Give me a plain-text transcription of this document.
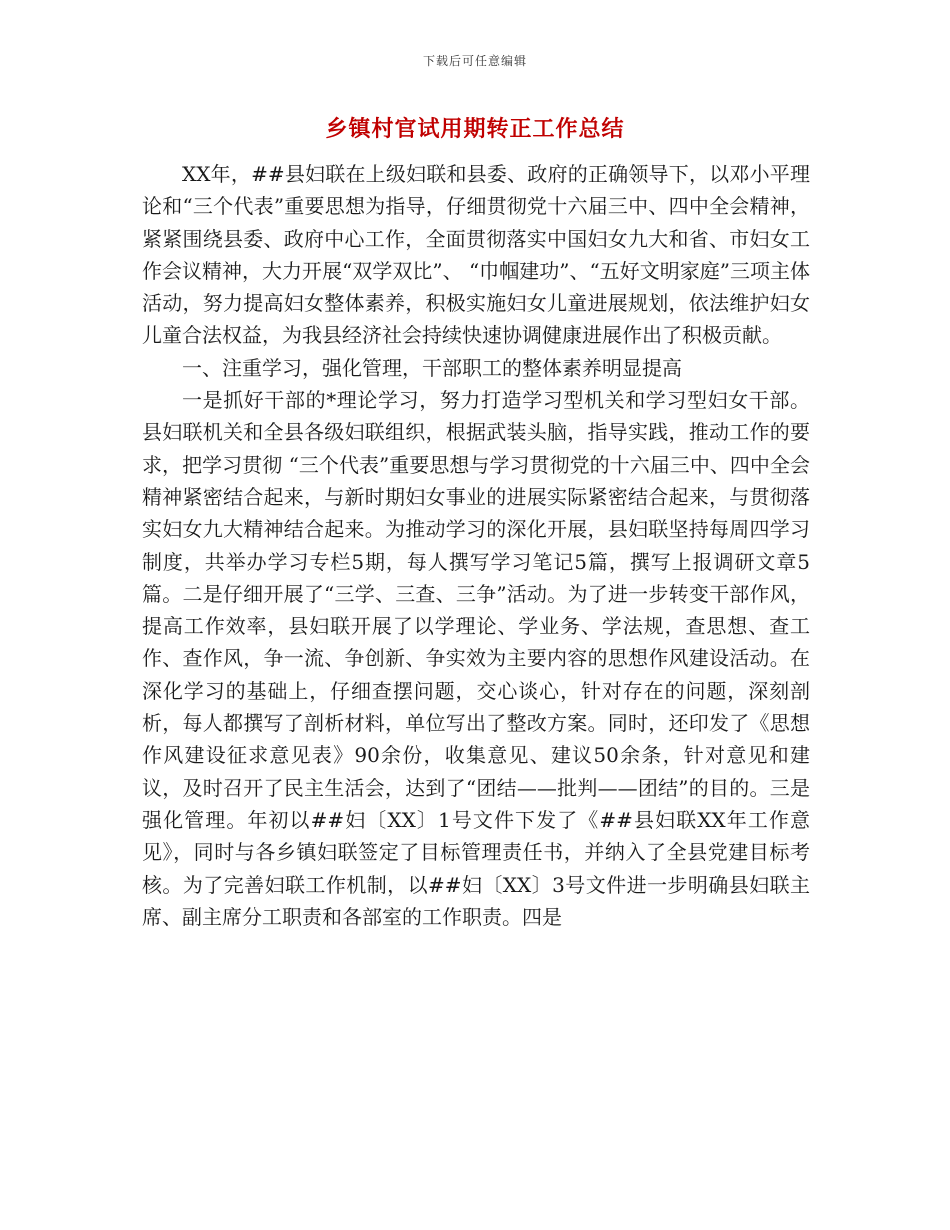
下载后可任意编辑
乡镇村官试用期转正工作总结

XX年，##县妇联在上级妇联和县委、政府的正确领导下，以邓小平理论和“三个代表”重要思想为指导，仔细贯彻党十六届三中、四中全会精神，紧紧围绕县委、政府中心工作，全面贯彻落实中国妇女九大和省、市妇女工作会议精神，大力开展“双学双比”、 “巾帼建功”、“五好文明家庭”三项主体活动，努力提高妇女整体素养，积极实施妇女儿童进展规划，依法维护妇女儿童合法权益，为我县经济社会持续快速协调健康进展作出了积极贡献。

一、注重学习，强化管理，干部职工的整体素养明显提高

一是抓好干部的*理论学习，努力打造学习型机关和学习型妇女干部。县妇联机关和全县各级妇联组织，根据武装头脑，指导实践，推动工作的要求，把学习贯彻 “三个代表”重要思想与学习贯彻党的十六届三中、四中全会精神紧密结合起来，与新时期妇女事业的进展实际紧密结合起来，与贯彻落实妇女九大精神结合起来。为推动学习的深化开展，县妇联坚持每周四学习制度，共举办学习专栏5期，每人撰写学习笔记5篇，撰写上报调研文章5篇。二是仔细开展了“三学、三查、三争”活动。为了进一步转变干部作风，提高工作效率，县妇联开展了以学理论、学业务、学法规，查思想、查工作、查作风，争一流、争创新、争实效为主要内容的思想作风建设活动。在深化学习的基础上，仔细查摆问题，交心谈心，针对存在的问题，深刻剖析，每人都撰写了剖析材料，单位写出了整改方案。同时，还印发了《思想作风建设征求意见表》90余份，收集意见、建议50余条，针对意见和建议，及时召开了民主生活会，达到了“团结——批判——团结”的目的。三是强化管理。年初以##妇〔XX〕1号文件下发了《##县妇联XX年工作意见》，同时与各乡镇妇联签定了目标管理责任书，并纳入了全县党建目标考核。为了完善妇联工作机制，以##妇〔XX〕3号文件进一步明确县妇联主席、副主席分工职责和各部室的工作职责。四是
